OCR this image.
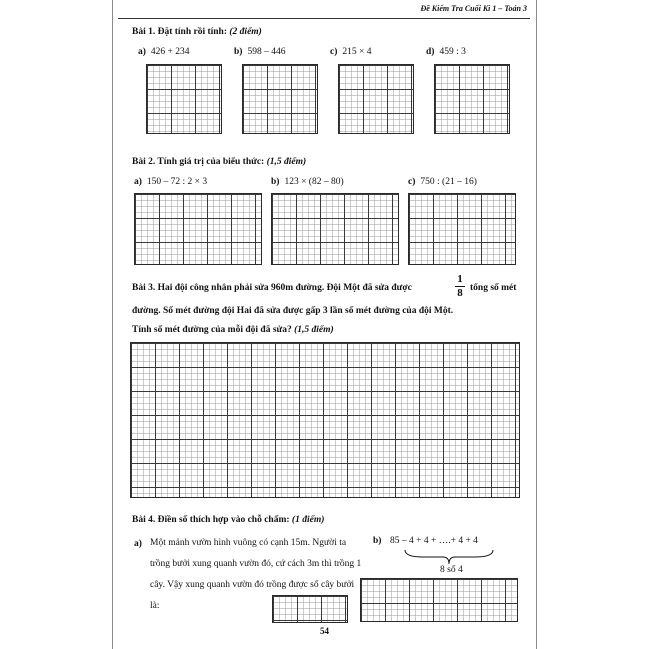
Đề Kiểm Tra Cuối Kì 1 – Toán 3
Bài 1. Đặt tính rồi tính: (2 điểm)
a) 426 + 234	b) 598 – 446	c) 215 × 4	d) 459 : 3
Bài 2. Tính giá trị của biểu thức: (1,5 điểm)
a) 150 – 72 : 2 × 3	b) 123 × (82 – 80)	c) 750 : (21 – 16)
Bài 3. Hai đội công nhân phải sửa 960m đường. Đội Một đã sửa được
1
8 tổng số mét
đường. Số mét đường đội Hai đã sửa được gấp 3 lần số mét đường của đội Một.
Tính số mét đường của mỗi đội đã sửa? (1,5 điểm)
Bài 4. Điền số thích hợp vào chỗ chấm: (1 điểm)
a) Một mảnh vườn hình vuông có cạnh 15m. Người ta trồng bưởi xung quanh vườn đó, cứ cách 3m thì trồng 1 cây. Vậy xung quanh vườn đó trồng được số cây bưởi là:
b) 85 – 4 + 4 + ….+ 4 + 4
8 số 4
54
